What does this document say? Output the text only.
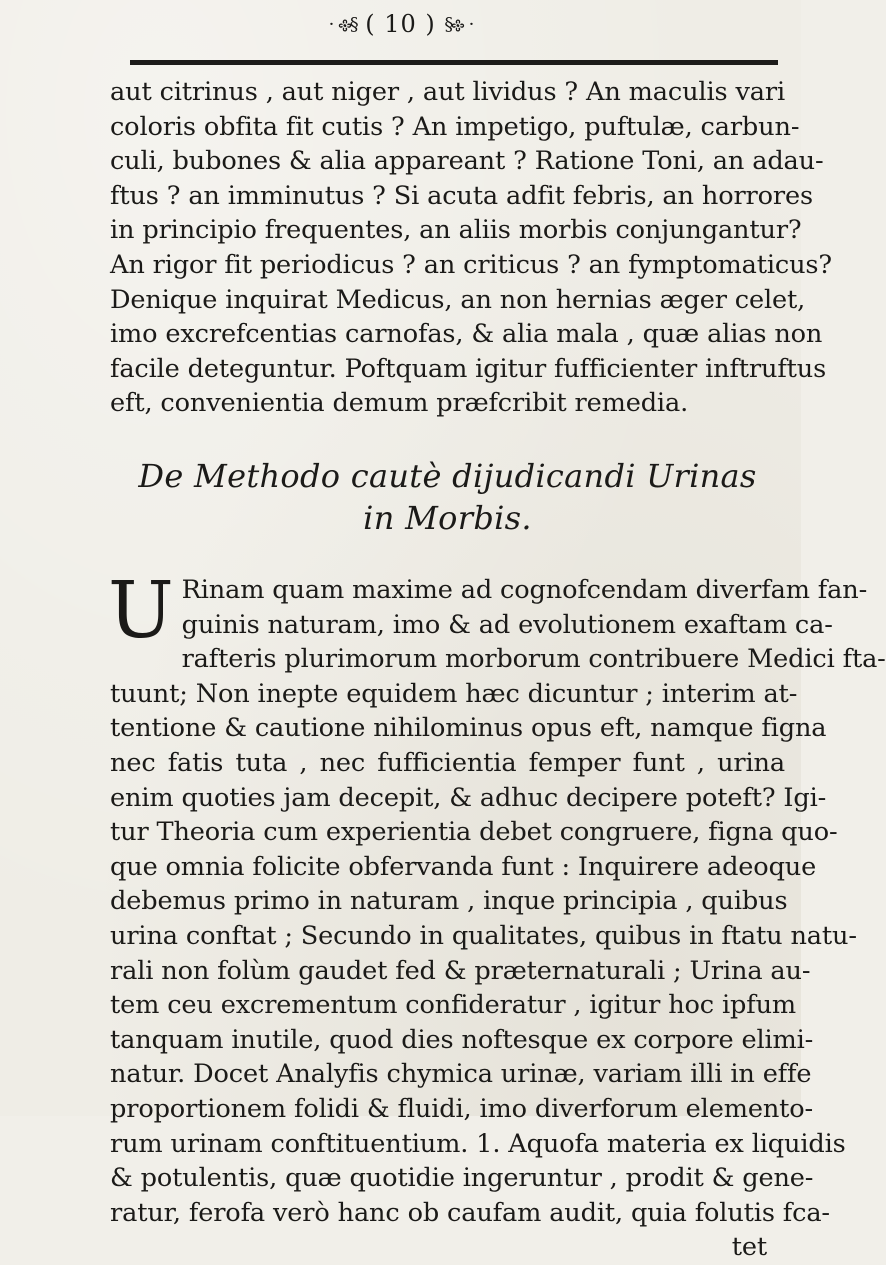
·𐫱§ ( 10 ) §𐫱·
aut citrinus , aut niger , aut lividus ? An maculis vari
coloris obfita fit cutis ? An impetigo, puftulæ, carbun-
culi, bubones & alia appareant ? Ratione Toni, an adau-
ftus ? an imminutus ? Si acuta adfit febris, an horrores
in principio frequentes, an aliis morbis conjungantur?
An rigor fit periodicus ? an criticus ? an fymptomaticus?
Denique inquirat Medicus, an non hernias æger celet,
imo excrefcentias carnofas, & alia mala , quæ alias non
facile deteguntur. Poftquam igitur fufficienter inftruftus
eft, convenientia demum præfcribit remedia.
De Methodo cautè dijudicandi Urinas
in Morbis.
U Rinam quam maxime ad cognofcendam diverfam fan-
guinis naturam, imo & ad evolutionem exaftam ca-
rafteris plurimorum morborum contribuere Medici fta-
tuunt; Non inepte equidem hæc dicuntur ; interim at-
tentione & cautione nihilominus opus eft, namque figna
nec fatis tuta , nec fufficientia femper funt , urina
enim quoties jam decepit, & adhuc decipere poteft? Igi-
tur Theoria cum experientia debet congruere, figna quo-
que omnia folicite obfervanda funt : Inquirere adeoque
debemus primo in naturam , inque principia , quibus
urina conftat ; Secundo in qualitates, quibus in ftatu natu-
rali non folùm gaudet fed & præternaturali ; Urina au-
tem ceu excrementum confideratur , igitur hoc ipfum
tanquam inutile, quod dies noftesque ex corpore elimi-
natur. Docet Analyfis chymica urinæ, variam illi in effe
proportionem folidi & fluidi, imo diverforum elemento-
rum urinam conftituentium. 1. Aquofa materia ex liquidis
& potulentis, quæ quotidie ingeruntur , prodit & gene-
ratur, ferofa verò hanc ob caufam audit, quia folutis fca-
tet
